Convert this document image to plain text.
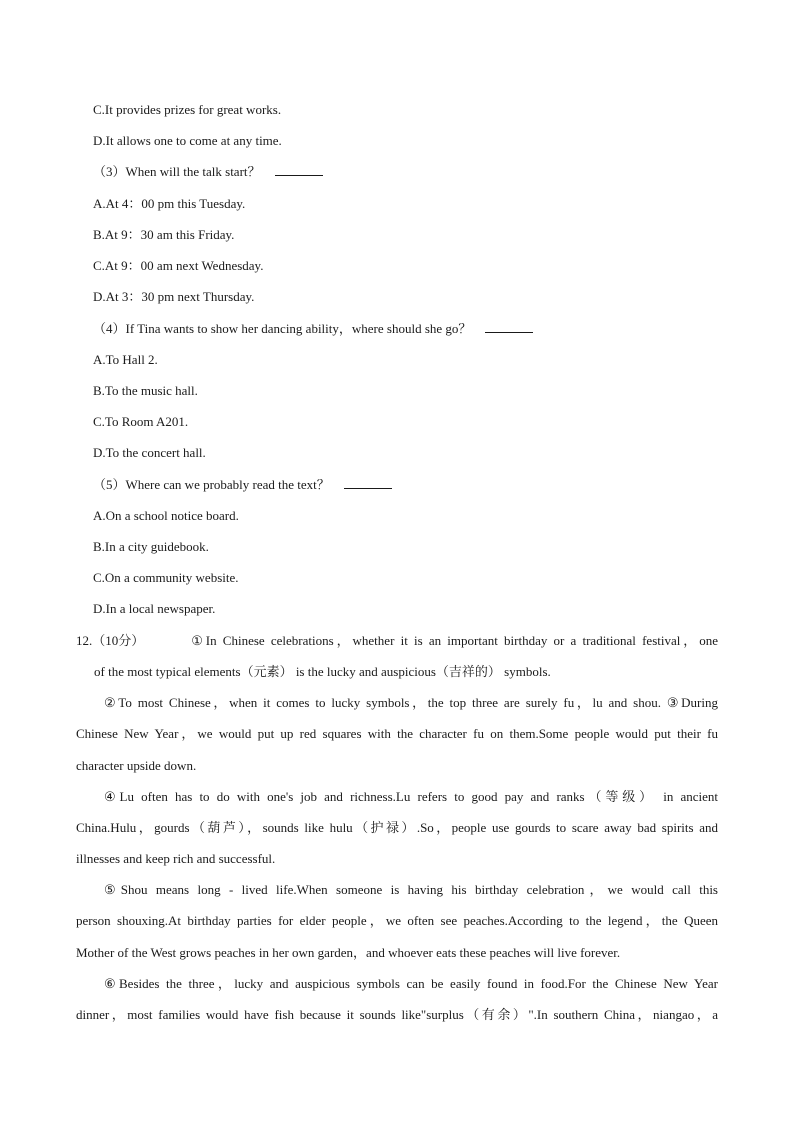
C.It provides prizes for great works.
D.It allows one to come at any time.
（3）When will the talk start？
A.At 4：00 pm this Tuesday.
B.At 9：30 am this Friday.
C.At 9：00 am next Wednesday.
D.At 3：30 pm next Thursday.
（4）If Tina wants to show her dancing ability，where should she go？
A.To Hall 2.
B.To the music hall.
C.To Room A201.
D.To the concert hall.
（5）Where can we probably read the text？
A.On a school notice board.
B.In a city guidebook.
C.On a community website.
D.In a local newspaper.
12.（10分）	①In Chinese celebrations，whether it is an important birthday or a traditional festival，one
of the most typical elements（元素） is the lucky and auspicious（吉祥的） symbols.
②To most Chinese，when it comes to lucky symbols，the top three are surely fu，lu and shou. ③During
Chinese New Year，we would put up red squares with the character fu on them.Some people would put their fu
character upside down.
④Lu often has to do with one's job and richness.Lu refers to good pay and ranks（等级） in ancient
China.Hulu，gourds（葫芦），sounds like hulu（护禄）.So，people use gourds to scare away bad spirits and
illnesses and keep rich and successful.
⑤Shou means long - lived life.When someone is having his birthday celebration，we would call this
person shouxing.At birthday parties for elder people，we often see peaches.According to the legend，the Queen
Mother of the West grows peaches in her own garden，and whoever eats these peaches will live forever.
⑥Besides the three，lucky and auspicious symbols can be easily found in food.For the Chinese New Year
dinner，most families would have fish because it sounds like"surplus（有余）".In southern China，niangao，a
